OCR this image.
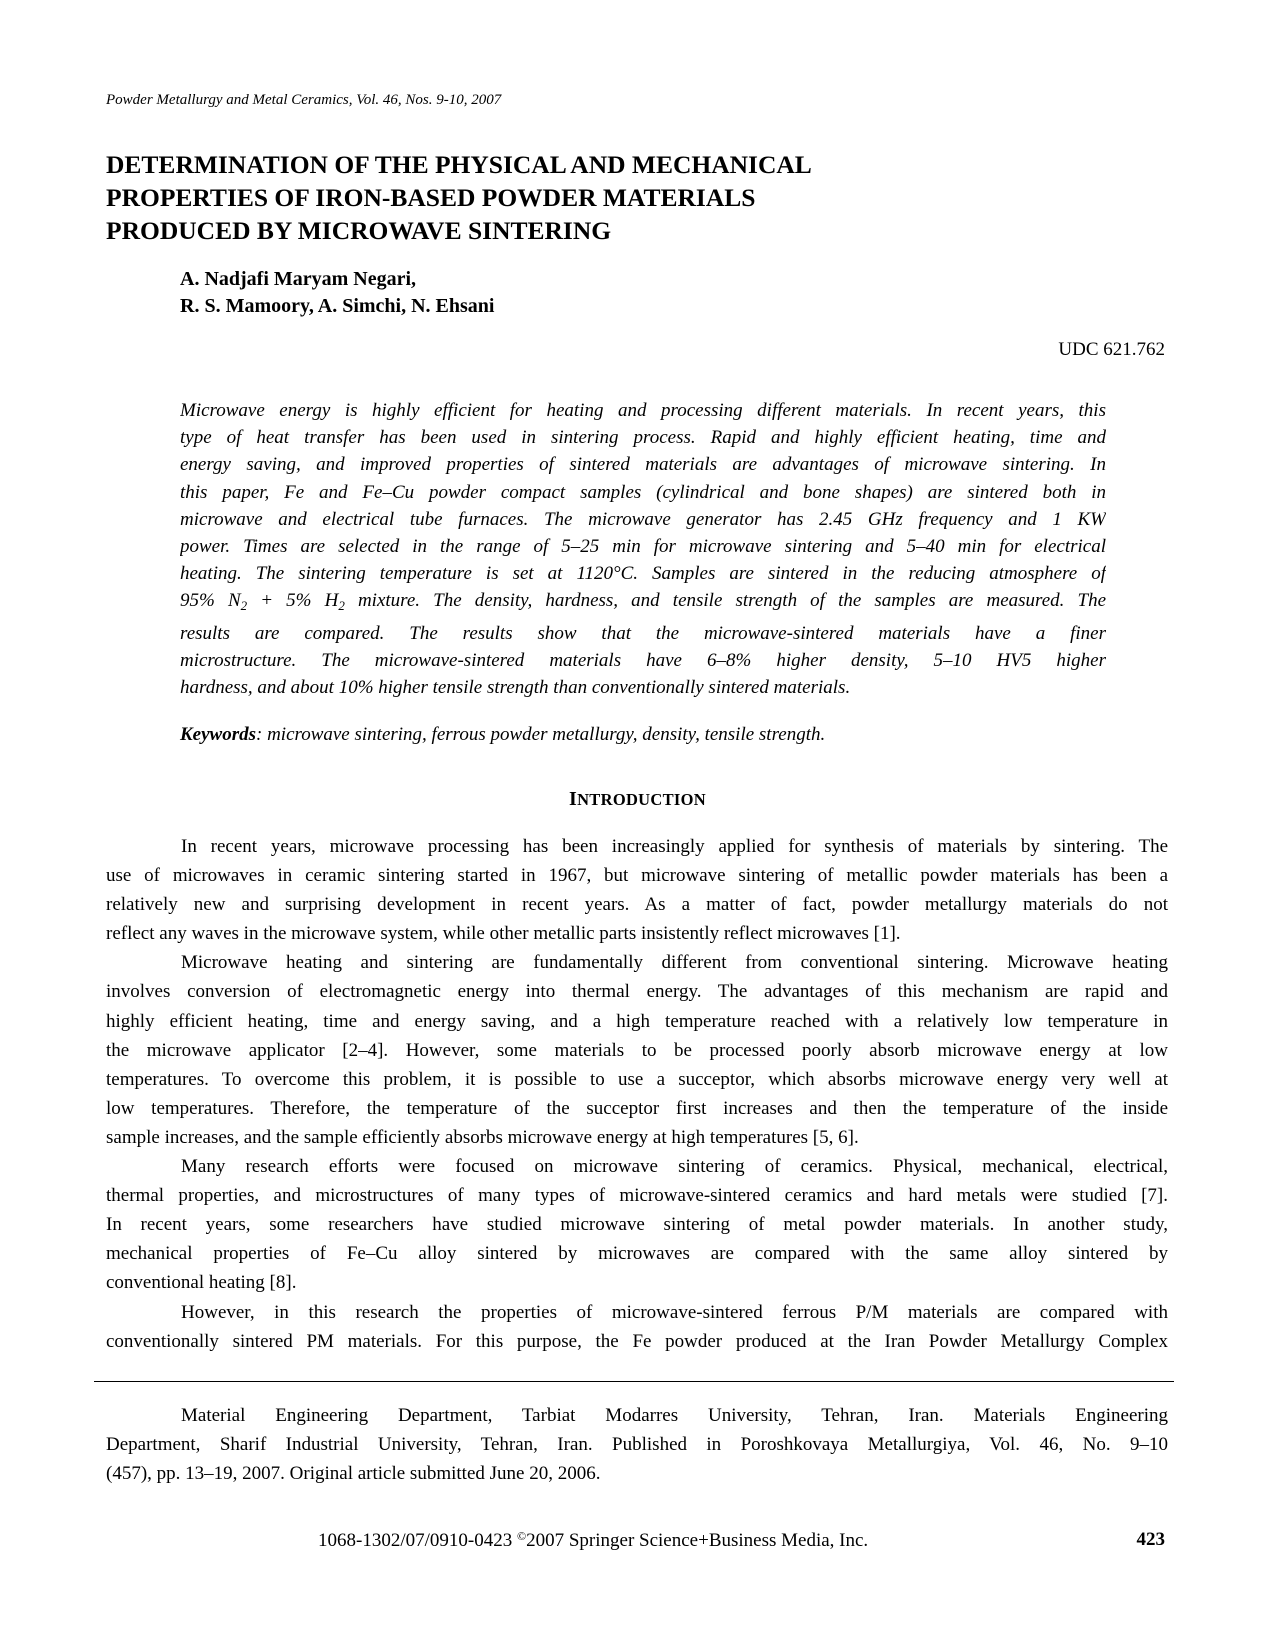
Powder Metallurgy and Metal Ceramics, Vol. 46, Nos. 9-10, 2007
DETERMINATION OF THE PHYSICAL AND MECHANICAL
PROPERTIES OF IRON-BASED POWDER MATERIALS
PRODUCED BY MICROWAVE SINTERING
A. Nadjafi Maryam Negari,
R. S. Mamoory, A. Simchi, N. Ehsani
UDC 621.762
Microwave energy is highly efficient for heating and processing different materials. In recent years, this
type of heat transfer has been used in sintering process. Rapid and highly efficient heating, time and
energy saving, and improved properties of sintered materials are advantages of microwave sintering. In
this paper, Fe and Fe–Cu powder compact samples (cylindrical and bone shapes) are sintered both in
microwave and electrical tube furnaces. The microwave generator has 2.45 GHz frequency and 1 KW
power. Times are selected in the range of 5–25 min for microwave sintering and 5–40 min for electrical
heating. The sintering temperature is set at 1120°C. Samples are sintered in the reducing atmosphere of
95% $N_2 + 5\%$ $H_2$ mixture. The density, hardness, and tensile strength of the samples are measured. The
results are compared. The results show that the microwave-sintered materials have a finer
microstructure. The microwave-sintered materials have 6–8% higher density, 5–10 HV5 higher
hardness, and about 10% higher tensile strength than conventionally sintered materials.
Keywords: microwave sintering, ferrous powder metallurgy, density, tensile strength.
INTRODUCTION
In recent years, microwave processing has been increasingly applied for synthesis of materials by sintering. The
use of microwaves in ceramic sintering started in 1967, but microwave sintering of metallic powder materials has been a
relatively new and surprising development in recent years. As a matter of fact, powder metallurgy materials do not
reflect any waves in the microwave system, while other metallic parts insistently reflect microwaves [1].
Microwave heating and sintering are fundamentally different from conventional sintering. Microwave heating
involves conversion of electromagnetic energy into thermal energy. The advantages of this mechanism are rapid and
highly efficient heating, time and energy saving, and a high temperature reached with a relatively low temperature in
the microwave applicator [2–4]. However, some materials to be processed poorly absorb microwave energy at low
temperatures. To overcome this problem, it is possible to use a succeptor, which absorbs microwave energy very well at
low temperatures. Therefore, the temperature of the succeptor first increases and then the temperature of the inside
sample increases, and the sample efficiently absorbs microwave energy at high temperatures [5, 6].
Many research efforts were focused on microwave sintering of ceramics. Physical, mechanical, electrical,
thermal properties, and microstructures of many types of microwave-sintered ceramics and hard metals were studied [7].
In recent years, some researchers have studied microwave sintering of metal powder materials. In another study,
mechanical properties of Fe–Cu alloy sintered by microwaves are compared with the same alloy sintered by
conventional heating [8].
However, in this research the properties of microwave-sintered ferrous P/M materials are compared with
conventionally sintered PM materials. For this purpose, the Fe powder produced at the Iran Powder Metallurgy Complex
Material Engineering Department, Tarbiat Modarres University, Tehran, Iran. Materials Engineering
Department, Sharif Industrial University, Tehran, Iran. Published in Poroshkovaya Metallurgiya, Vol. 46, No. 9–10
(457), pp. 13–19, 2007. Original article submitted June 20, 2006.
1068-1302/07/0910-0423 ©2007 Springer Science+Business Media, Inc.	423
